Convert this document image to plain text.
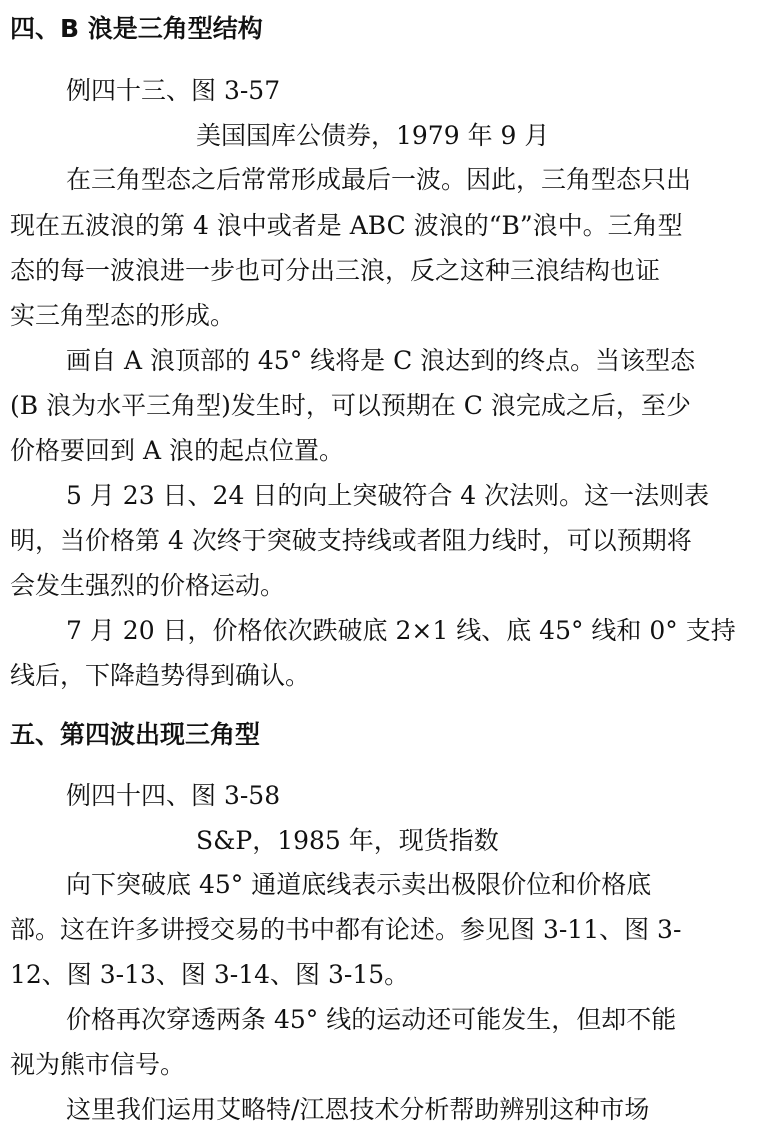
四、B 浪是三角型结构
例四十三、图 3-57
美国国库公债券，1979 年 9 月
在三角型态之后常常形成最后一波。因此，三角型态只出
现在五波浪的第 4 浪中或者是 ABC 波浪的“B”浪中。三角型
态的每一波浪进一步也可分出三浪，反之这种三浪结构也证
实三角型态的形成。
画自 A 浪顶部的 45° 线将是 C 浪达到的终点。当该型态
(B 浪为水平三角型)发生时，可以预期在 C 浪完成之后，至少
价格要回到 A 浪的起点位置。
5 月 23 日、24 日的向上突破符合 4 次法则。这一法则表
明，当价格第 4 次终于突破支持线或者阻力线时，可以预期将
会发生强烈的价格运动。
7 月 20 日，价格依次跌破底 2×1 线、底 45° 线和 0° 支持
线后，下降趋势得到确认。
五、第四波出现三角型
例四十四、图 3-58
S&P，1985 年，现货指数
向下突破底 45° 通道底线表示卖出极限价位和价格底
部。这在许多讲授交易的书中都有论述。参见图 3-11、图 3-
12、图 3-13、图 3-14、图 3-15。
价格再次穿透两条 45° 线的运动还可能发生，但却不能
视为熊市信号。
这里我们运用艾略特/江恩技术分析帮助辨别这种市场
